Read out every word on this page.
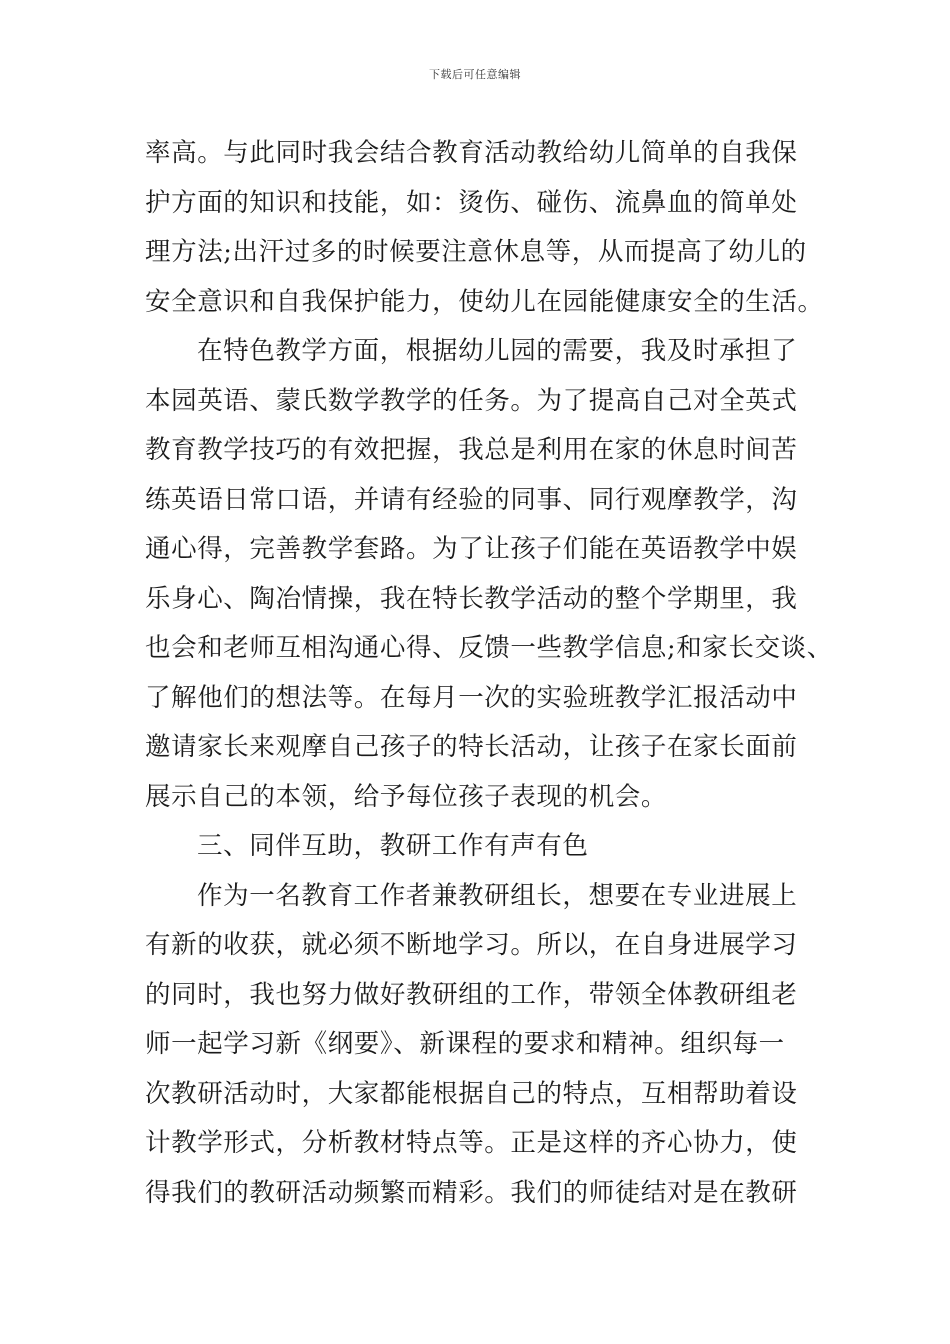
下载后可任意编辑
率高。与此同时我会结合教育活动教给幼儿简单的自我保
护方面的知识和技能，如：烫伤、碰伤、流鼻血的简单处
理方法;出汗过多的时候要注意休息等，从而提高了幼儿的
安全意识和自我保护能力，使幼儿在园能健康安全的生活。
在特色教学方面，根据幼儿园的需要，我及时承担了
本园英语、蒙氏数学教学的任务。为了提高自己对全英式
教育教学技巧的有效把握，我总是利用在家的休息时间苦
练英语日常口语，并请有经验的同事、同行观摩教学，沟
通心得，完善教学套路。为了让孩子们能在英语教学中娱
乐身心、陶冶情操，我在特长教学活动的整个学期里，我
也会和老师互相沟通心得、反馈一些教学信息;和家长交谈、
了解他们的想法等。在每月一次的实验班教学汇报活动中
邀请家长来观摩自己孩子的特长活动，让孩子在家长面前
展示自己的本领，给予每位孩子表现的机会。
三、同伴互助，教研工作有声有色
作为一名教育工作者兼教研组长，想要在专业进展上
有新的收获，就必须不断地学习。所以，在自身进展学习
的同时，我也努力做好教研组的工作，带领全体教研组老
师一起学习新《纲要》、新课程的要求和精神。组织每一
次教研活动时，大家都能根据自己的特点，互相帮助着设
计教学形式，分析教材特点等。正是这样的齐心协力，使
得我们的教研活动频繁而精彩。我们的师徒结对是在教研
